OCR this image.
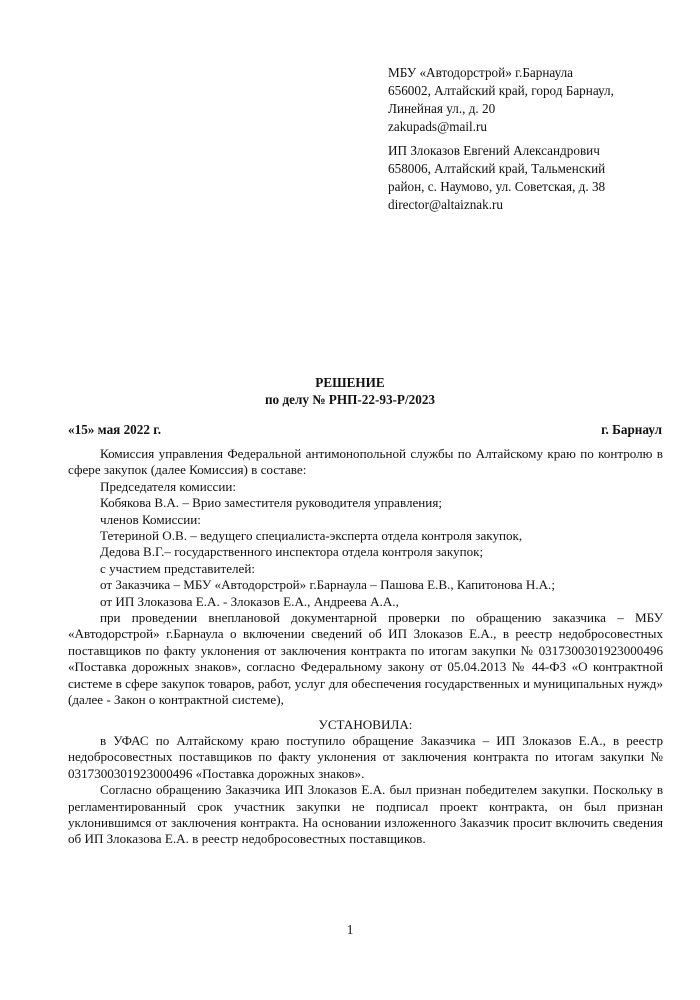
МБУ «Автодорстрой» г.Барнаула
656002, Алтайский край, город Барнаул,
Линейная ул., д. 20
zakupads@mail.ru
ИП Злоказов Евгений Александрович
658006, Алтайский край, Тальменский
район, с. Наумово, ул. Советская, д. 38
director@altaiznak.ru
РЕШЕНИЕ
по делу № РНП-22-93-Р/2023
«15» мая 2022 г.	г. Барнаул

Комиссия управления Федеральной антимонопольной службы по Алтайскому краю по контролю в сфере закупок (далее Комиссия) в составе:

Председателя комиссии:

Кобякова В.А. – Врио заместителя руководителя управления;

членов Комиссии:

Тетериной О.В. – ведущего специалиста-эксперта отдела контроля закупок,

Дедова В.Г.– государственного инспектора отдела контроля закупок;

с участием представителей:

от Заказчика – МБУ «Автодорстрой» г.Барнаула – Пашова Е.В., Капитонова Н.А.;

от ИП Злоказова Е.А. - Злоказов Е.А., Андреева А.А.,

при проведении внеплановой документарной проверки по обращению заказчика – МБУ «Автодорстрой» г.Барнаула о включении сведений об ИП Злоказов Е.А., в реестр недобросовестных поставщиков по факту уклонения от заключения контракта по итогам закупки № 0317300301923000496 «Поставка дорожных знаков», согласно Федеральному закону от 05.04.2013 № 44-ФЗ «О контрактной системе в сфере закупок товаров, работ, услуг для обеспечения государственных и муниципальных нужд» (далее - Закон о контрактной системе),

УСТАНОВИЛА:

в УФАС по Алтайскому краю поступило обращение Заказчика – ИП Злоказов Е.А., в реестр недобросовестных поставщиков по факту уклонения от заключения контракта по итогам закупки № 0317300301923000496 «Поставка дорожных знаков».

Согласно обращению Заказчика ИП Злоказов Е.А. был признан победителем закупки. Поскольку в регламентированный срок участник закупки не подписал проект контракта, он был признан уклонившимся от заключения контракта. На основании изложенного Заказчик просит включить сведения об ИП Злоказова Е.А. в реестр недобросовестных поставщиков.

1
